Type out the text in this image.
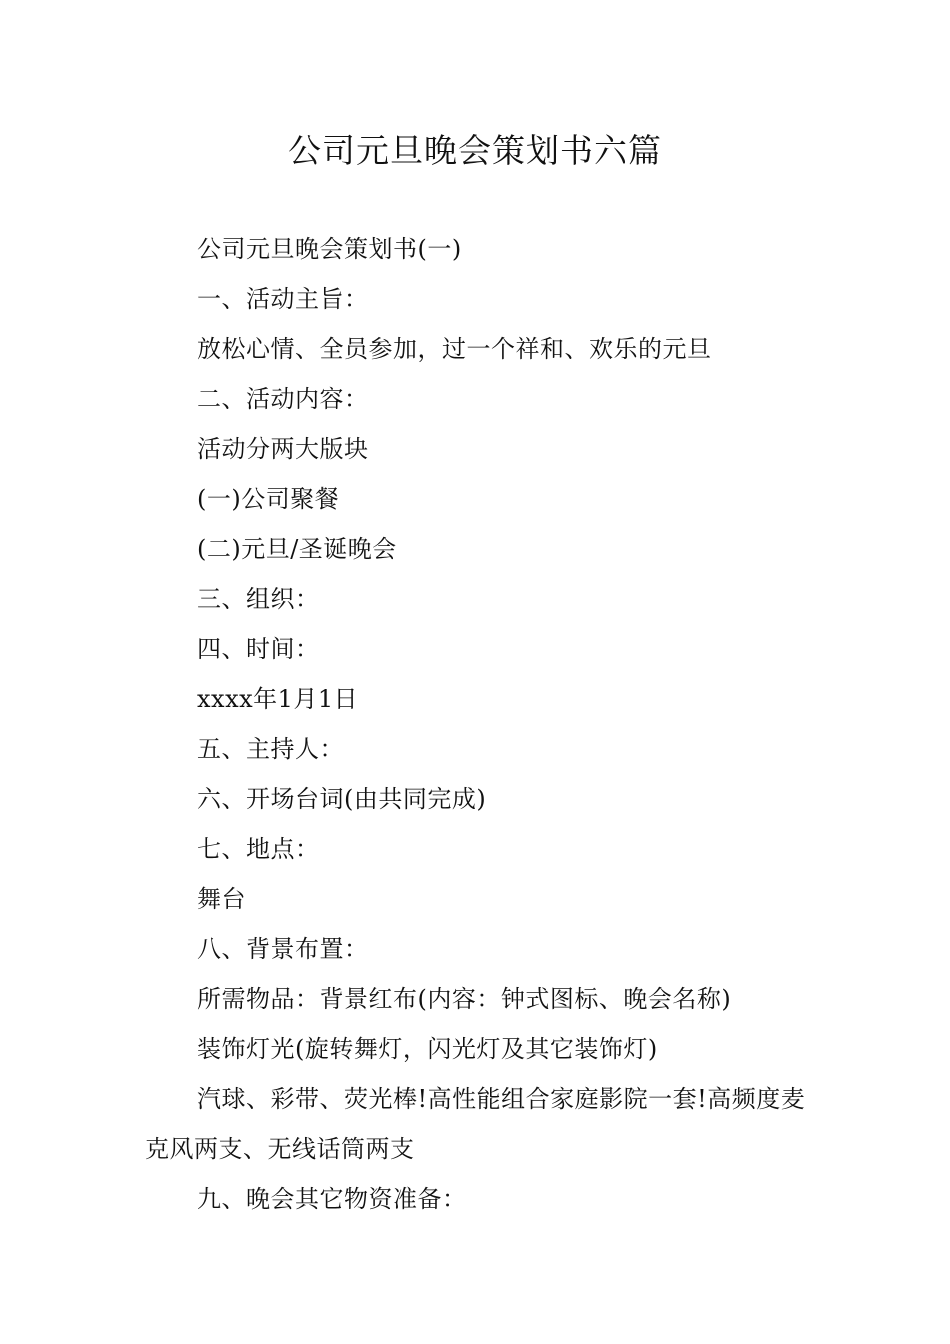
公司元旦晚会策划书六篇

公司元旦晚会策划书(一)

一、活动主旨：

放松心情、全员参加，过一个祥和、欢乐的元旦

二、活动内容：

活动分两大版块

(一)公司聚餐

(二)元旦/圣诞晚会

三、组织：

四、时间：

xxxx年1月1日

五、主持人：

六、开场台词(由共同完成)

七、地点：

舞台

八、背景布置：

所需物品：背景红布(内容：钟式图标、晚会名称)

装饰灯光(旋转舞灯，闪光灯及其它装饰灯)

汽球、彩带、荧光棒!高性能组合家庭影院一套!高频度麦克风两支、无线话筒两支

九、晚会其它物资准备：
